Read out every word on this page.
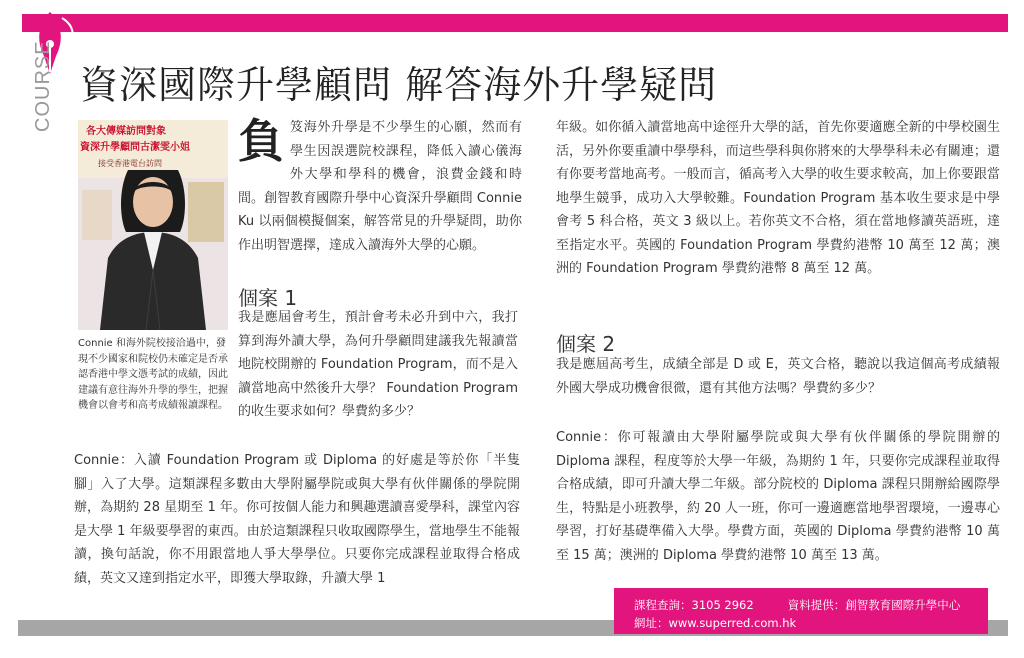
COURSE 資深國際升學顧問 解答海外升學疑問
各大傳媒訪問對象
資深升學顧問古潔雯小姐
接受香港電台訪問
Connie 和海外院校接洽過中，發現不少國家和院校仍未確定是否承認香港中學文憑考試的成績，因此建議有意往海外升學的學生，把握機會以會考和高考成績報讀課程。
負 笈海外升學是不少學生的心願，然而有學生因誤選院校課程，降低入讀心儀海外大學和學科的機會，浪費金錢和時間。創智教育國際升學中心資深升學顧問 Connie Ku 以兩個模擬個案，解答常見的升學疑問，助你作出明智選擇，達成入讀海外大學的心願。

個案 1

我是應屆會考生，預計會考未必升到中六，我打算到海外讀大學，為何升學顧問建議我先報讀當地院校開辦的 Foundation Program，而不是入讀當地高中然後升大學？ Foundation Program 的收生要求如何？學費約多少？

Connie：入讀 Foundation Program 或 Diploma 的好處是等於你「半隻腳」入了大學。這類課程多數由大學附屬學院或與大學有伙伴關係的學院開辦，為期約 28 星期至 1 年。你可按個人能力和興趣選讀喜愛學科，課堂內容是大學 1 年級要學習的東西。由於這類課程只收取國際學生，當地學生不能報讀，換句話說，你不用跟當地人爭大學學位。只要你完成課程並取得合格成績，英文又達到指定水平，即獲大學取錄，升讀大學 1

年級。如你循入讀當地高中途徑升大學的話，首先你要適應全新的中學校園生活，另外你要重讀中學學科，而這些學科與你將來的大學學科未必有關連；還有你要考當地高考。一般而言，循高考入大學的收生要求較高，加上你要跟當地學生競爭，成功入大學較難。Foundation Program 基本收生要求是中學會考 5 科合格，英文 3 級以上。若你英文不合格，須在當地修讀英語班，達至指定水平。英國的 Foundation Program 學費約港幣 10 萬至 12 萬；澳洲的 Foundation Program 學費約港幣 8 萬至 12 萬。

個案 2

我是應屆高考生，成績全部是 D 或 E，英文合格，聽說以我這個高考成績報外國大學成功機會很微，還有其他方法嗎？學費約多少？

Connie：你可報讀由大學附屬學院或與大學有伙伴關係的學院開辦的 Diploma 課程，程度等於大學一年級，為期約 1 年，只要你完成課程並取得合格成績，即可升讀大學二年級。部分院校的 Diploma 課程只開辦給國際學生，特點是小班教學，約 20 人一班，你可一邊適應當地學習環境，一邊專心學習，打好基礎準備入大學。學費方面，英國的 Diploma 學費約港幣 10 萬至 15 萬；澳洲的 Diploma 學費約港幣 10 萬至 13 萬。

課程查詢：3105 2962	資料提供：創智教育國際升學中心
網址：www.superred.com.hk
